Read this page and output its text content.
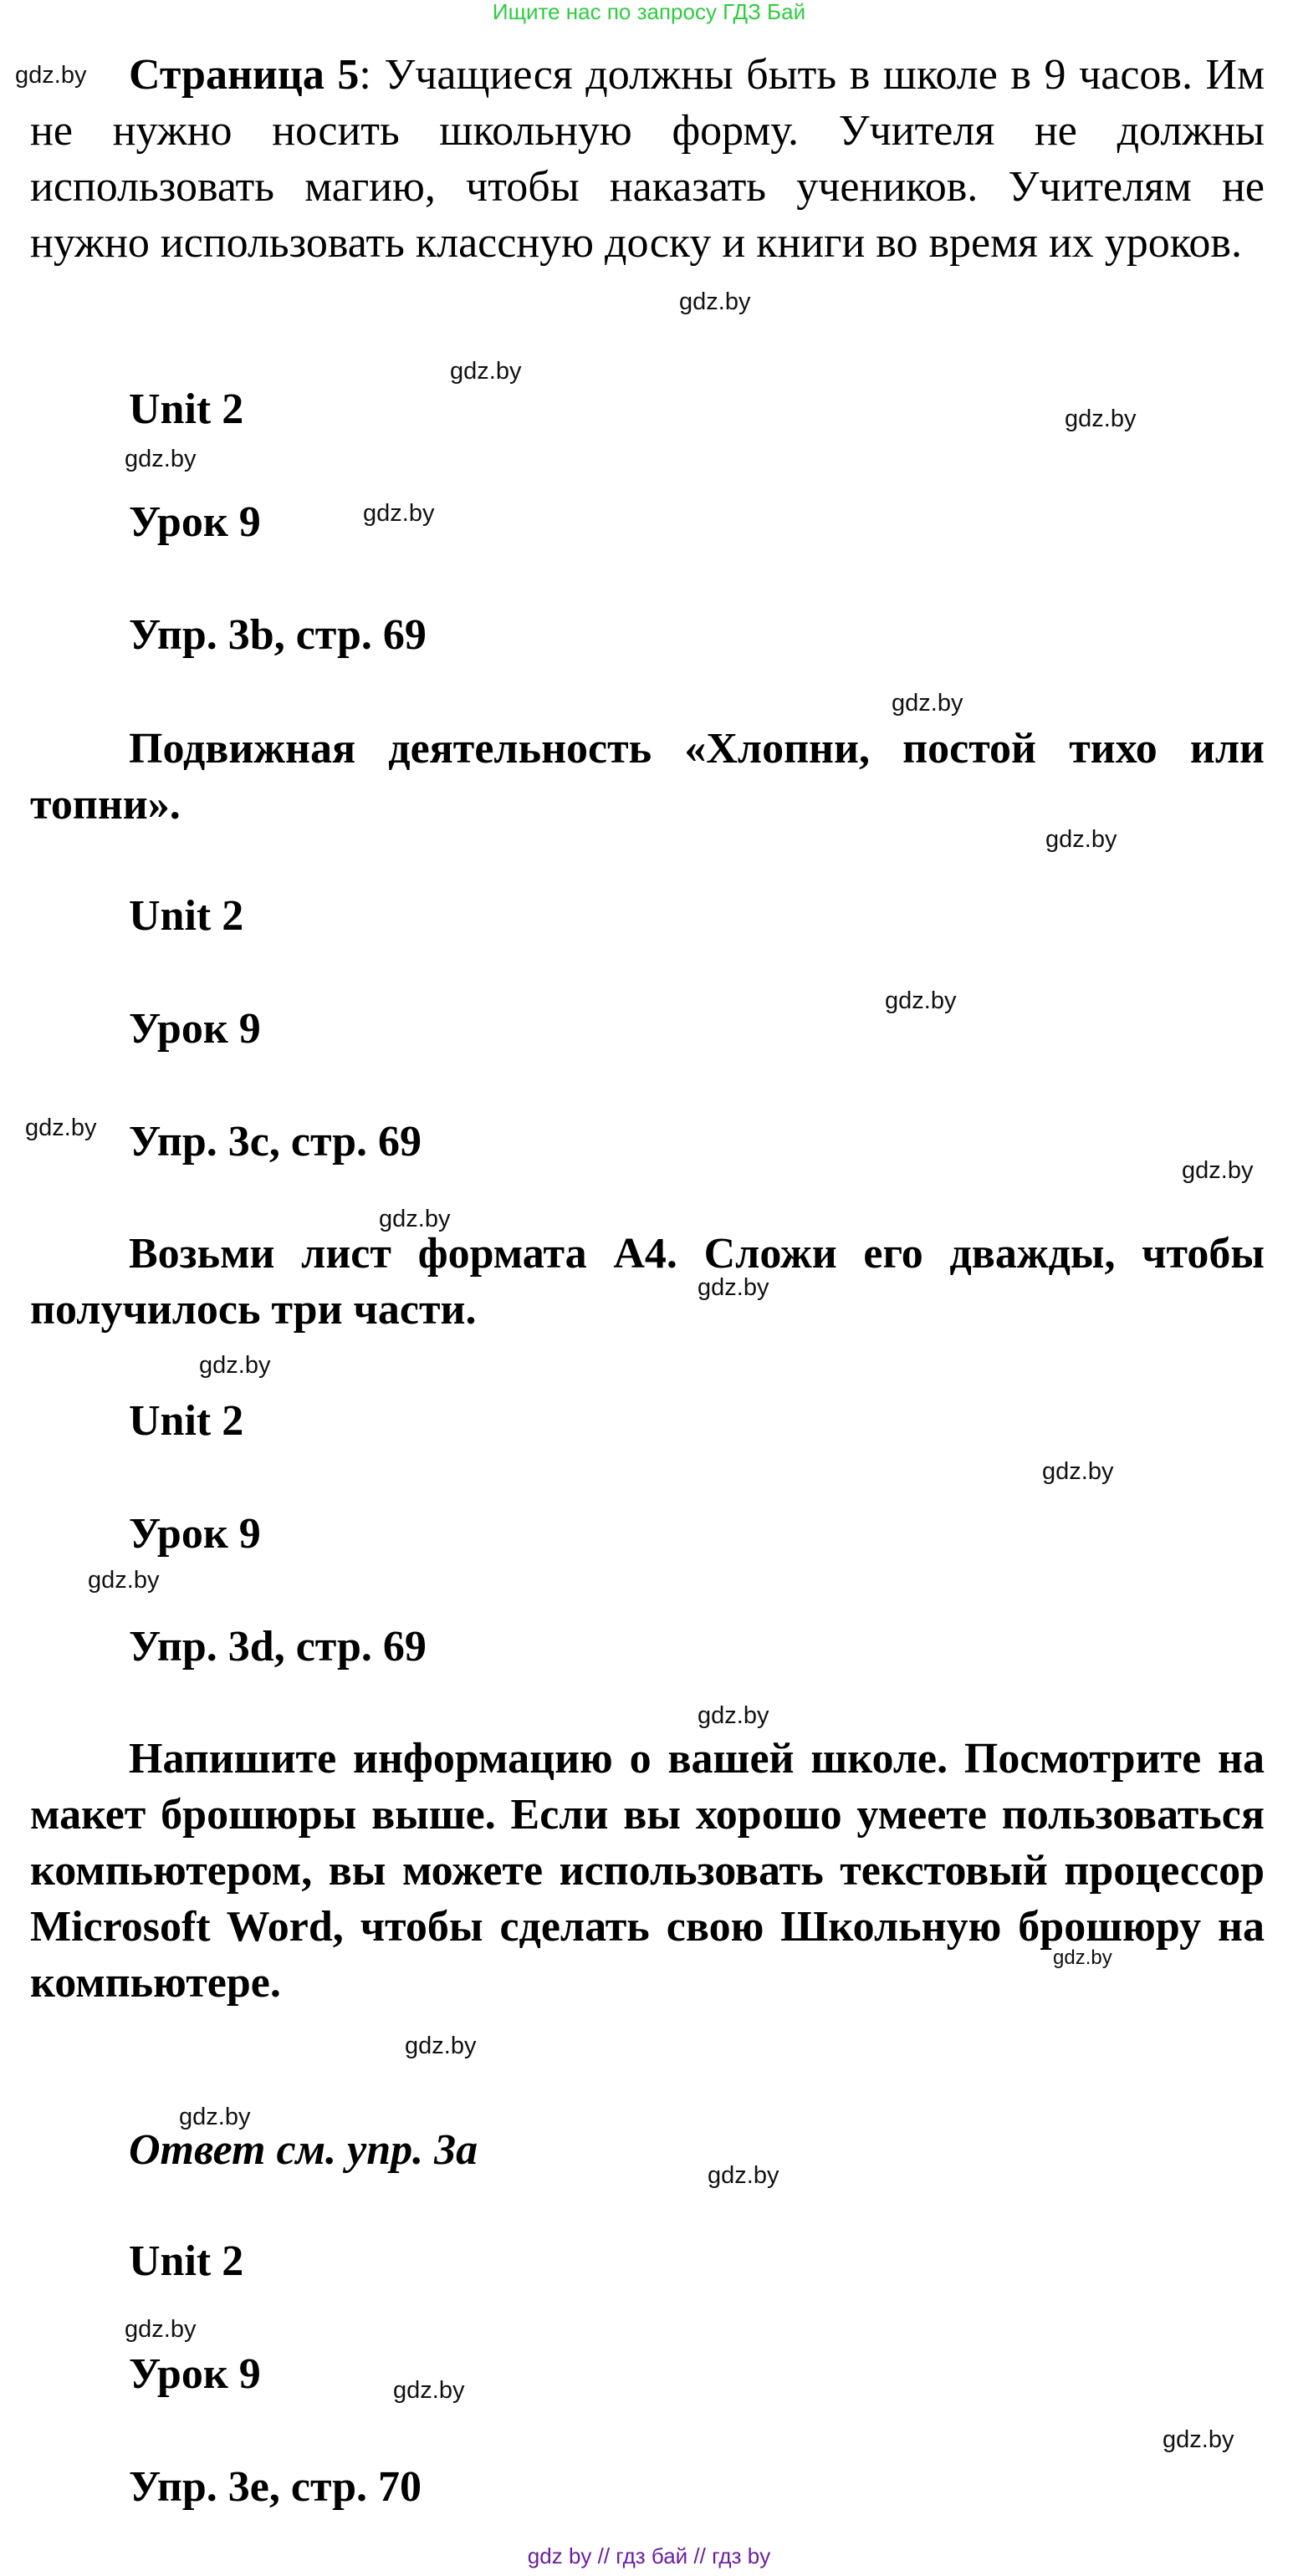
Ищите нас по запросу ГДЗ Бай

Страница 5: Учащиеся должны быть в школе в 9 часов. Им не нужно носить школьную форму. Учителя не должны использовать магию, чтобы наказать учеников. Учителям не нужно использовать классную доску и книги во время их уроков.

Unit 2

Урок 9

Упр. 3b, стр. 69

Подвижная деятельность «Хлопни, постой тихо или топни».

Unit 2

Урок 9

Упр. 3c, стр. 69

Возьми лист формата А4. Сложи его дважды, чтобы получилось три части.

Unit 2

Урок 9

Упр. 3d, стр. 69

Напишите информацию о вашей школе. Посмотрите на макет брошюры выше. Если вы хорошо умеете пользоваться компьютером, вы можете использовать текстовый процессор Microsoft Word, чтобы сделать свою Школьную брошюру на компьютере.

Ответ см. упр. 3а

Unit 2

Урок 9

Упр. 3e, стр. 70

gdz.by
gdz.by
gdz.by
gdz.by
gdz.by
gdz.by
gdz.by
gdz.by
gdz.by
gdz.by
gdz.by
gdz.by
gdz.by
gdz.by
gdz.by
gdz.by
gdz.by
gdz.by
gdz.by
gdz.by
gdz.by
gdz.by
gdz.by
gdz.by
gdz by // гдз бай // гдз by
